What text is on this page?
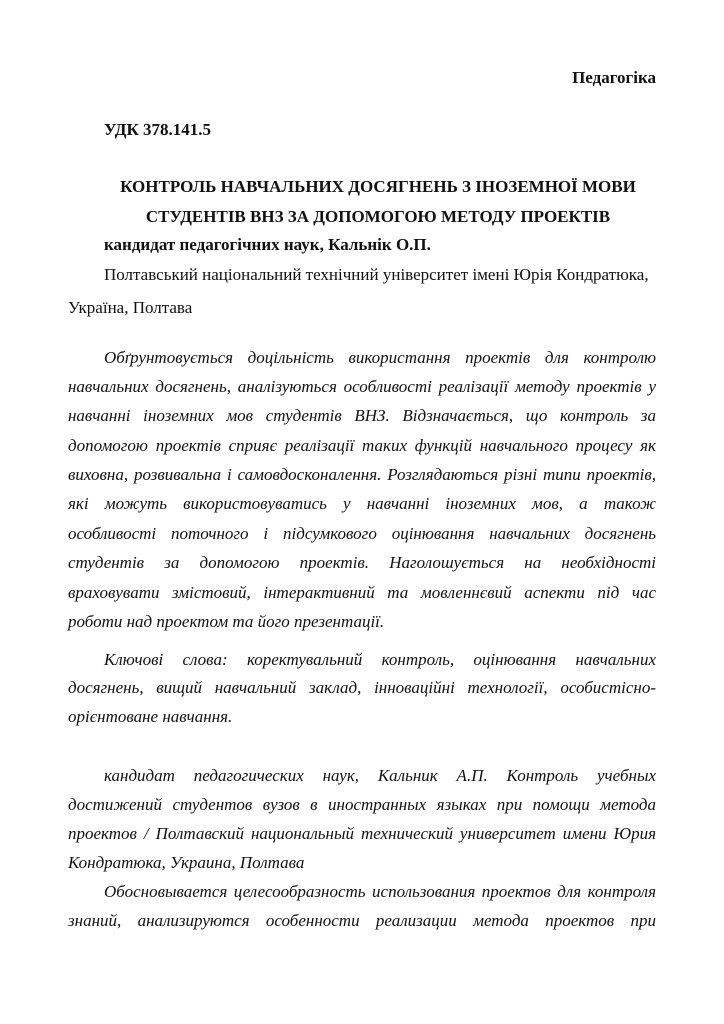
Педагогіка
УДК 378.141.5
КОНТРОЛЬ НАВЧАЛЬНИХ ДОСЯГНЕНЬ З ІНОЗЕМНОЇ МОВИ
СТУДЕНТІВ ВНЗ ЗА ДОПОМОГОЮ МЕТОДУ ПРОЕКТІВ
кандидат педагогічних наук, Кальнік О.П.
Полтавський національний технічний університет імені Юрія Кондратюка,
Україна, Полтава
Обґрунтовується доцільність використання проектів для контролю
навчальних досягнень, аналізуються особливості реалізації методу проектів у
навчанні іноземних мов студентів ВНЗ. Відзначається, що контроль за
допомогою проектів сприяє реалізації таких функцій навчального процесу як
виховна, розвивальна і самовдосконалення. Розглядаються різні типи проектів,
які можуть використовуватись у навчанні іноземних мов, а також
особливості поточного і підсумкового оцінювання навчальних досягнень
студентів за допомогою проектів. Наголошується на необхідності
враховувати змістовий, інтерактивний та мовленнєвий аспекти під час
роботи над проектом та його презентації.
Ключові слова: коректувальний контроль, оцінювання навчальних
досягнень, вищий навчальний заклад, інноваційні технології, особистісно-
орієнтоване навчання.
кандидат педагогических наук, Кальник А.П. Контроль учебных
достижений студентов вузов в иностранных языках при помощи метода
проектов / Полтавский национальный технический университет имени Юрия
Кондратюка, Украина, Полтава
Обосновывается целесообразность использования проектов для контроля
знаний, анализируются особенности реализации метода проектов при
